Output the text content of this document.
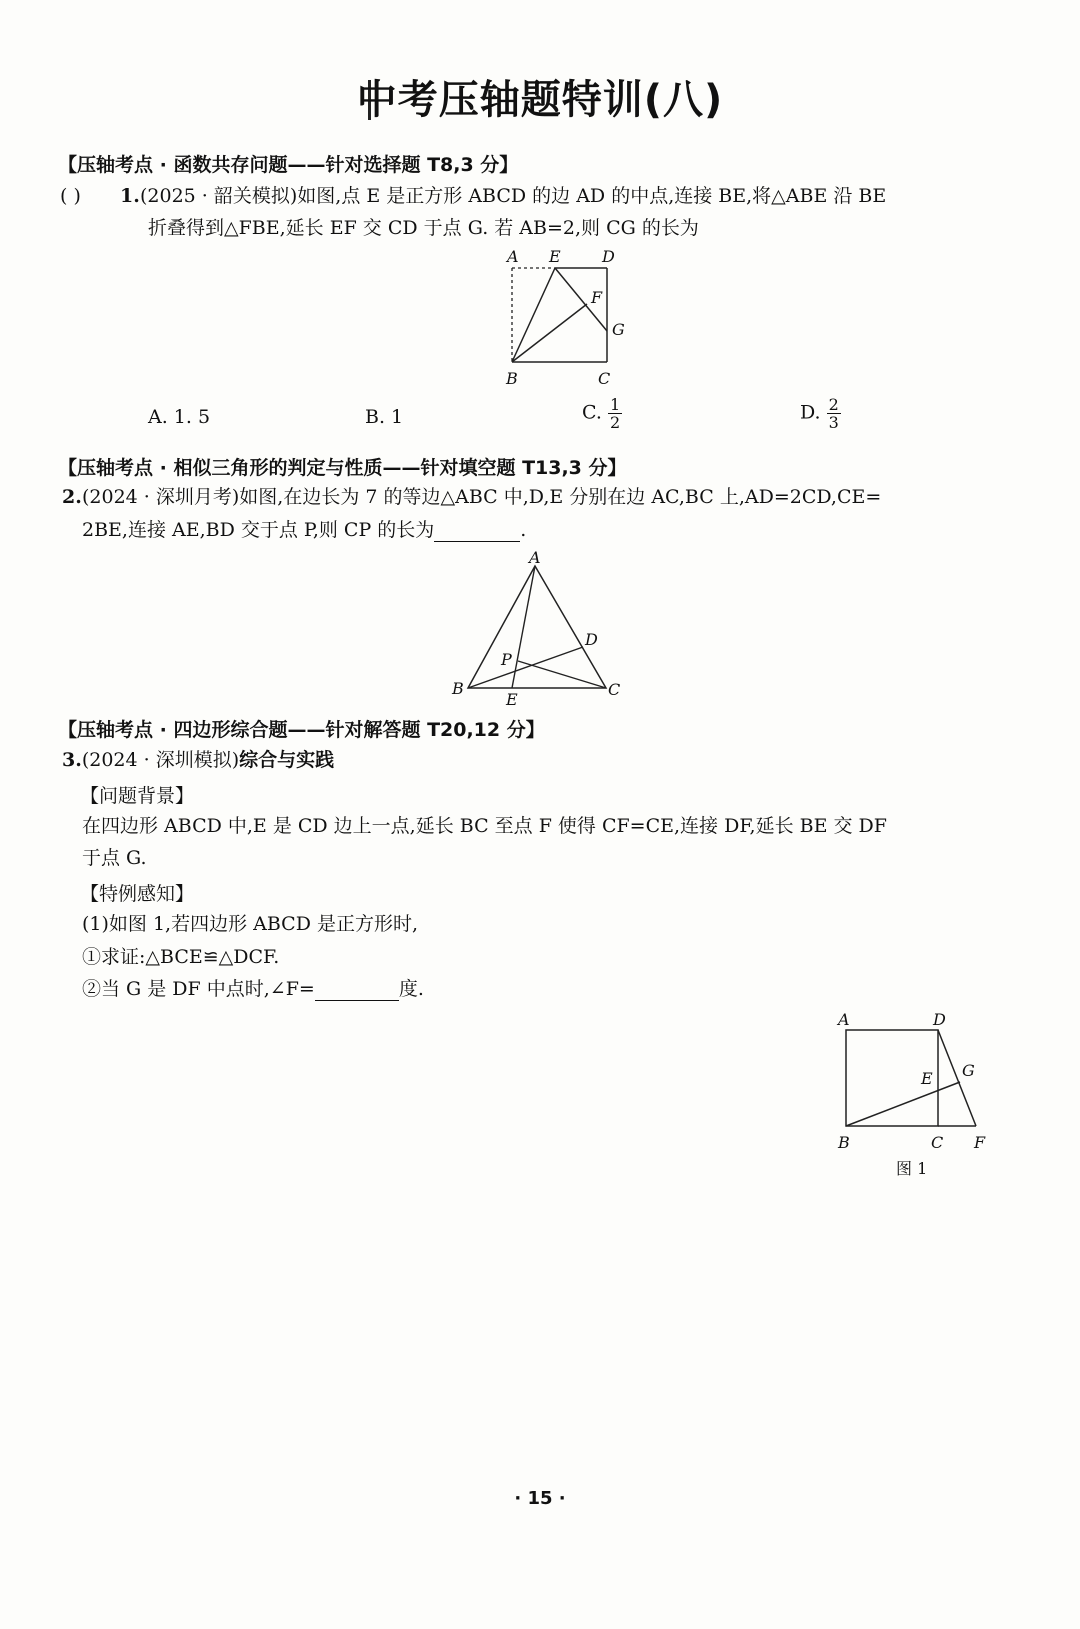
中考压轴题特训(八)
【压轴考点 · 函数共存问题——针对选择题 T8,3 分】
( ) 1. (2025 · 韶关模拟)如图,点 E 是正方形 ABCD 的边 AD 的中点,连接 BE,将△ABE 沿 BE
折叠得到△FBE,延长 EF 交 CD 于点 G. 若 AB=2,则 CG 的长为
A E	D
F
G
B	C
A. 1. 5	B. 1	C. $\frac{1}{2}$	D. $\frac{2}{3}$
【压轴考点 · 相似三角形的判定与性质——针对填空题 T13,3 分】
2. (2024 · 深圳月考)如图,在边长为 7 的等边△ABC 中,D,E 分别在边 AC,BC 上,AD=2CD,CE=
2BE,连接 AE,BD 交于点 P,则 CP 的长为	.
A
D
P
B
E
C
【压轴考点 · 四边形综合题——针对解答题 T20,12 分】
3.(2024 · 深圳模拟)综合与实践
【问题背景】
在四边形 ABCD 中,E 是 CD 边上一点,延长 BC 至点 F 使得 CF=CE,连接 DF,延长 BE 交 DF
于点 G.
【特例感知】
(1)如图 1,若四边形 ABCD 是正方形时,
①求证:△BCE≌△DCF.
②当 G 是 DF 中点时,∠F=	度.
A	D
E G
B	C F
图 1
· 15 ·
